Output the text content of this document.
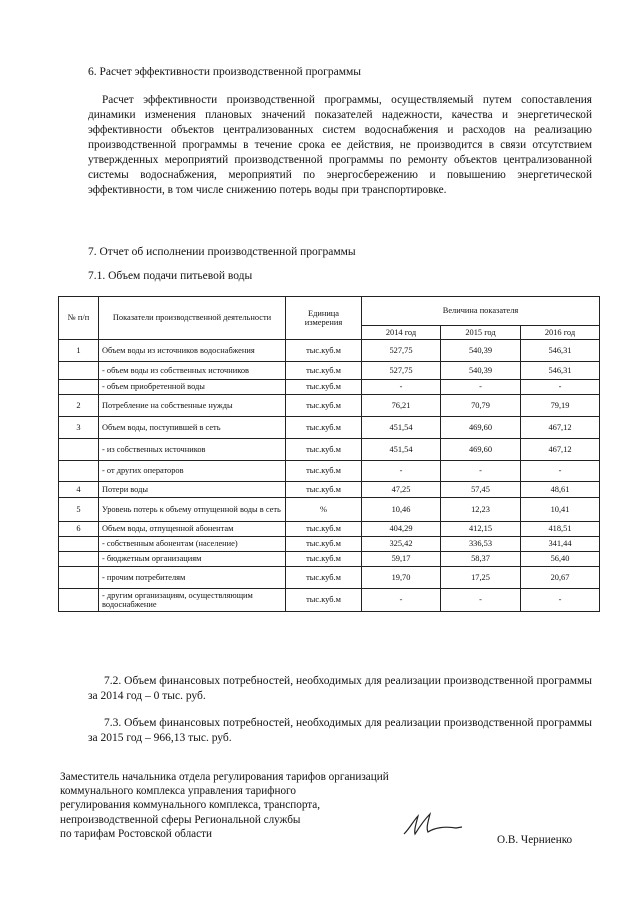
6. Расчет эффективности производственной программы
Расчет эффективности производственной программы, осуществляемый путем сопоставления динамики изменения плановых значений показателей надежности, качества и энергетической эффективности объектов централизованных систем водоснабжения и расходов на реализацию производственной программы в течение срока ее действия, не производится в связи отсутствием утвержденных мероприятий производственной программы по ремонту объектов централизованной системы водоснабжения, мероприятий по энергосбережению и повышению энергетической эффективности, в том числе снижению потерь воды при транспортировке.
7. Отчет об исполнении производственной программы
7.1. Объем подачи питьевой воды
№ п/п	Показатели производственной деятельности	Единица измерения	Величина показателя		
			2014 год	2015 год	2016 год
1	Объем воды из источников водоснабжения	тыс.куб.м	527,75	540,39	546,31
	- объем воды из собственных источников	тыс.куб.м	527,75	540,39	546,31
	- объем приобретенной воды	тыс.куб.м	-	-	-
2	Потребление на собственные нужды	тыс.куб.м	76,21	70,79	79,19
3	Объем воды, поступившей в сеть	тыс.куб.м	451,54	469,60	467,12
	- из собственных источников	тыс.куб.м	451,54	469,60	467,12
	- от других операторов	тыс.куб.м	-	-	-
4	Потери воды	тыс.куб.м	47,25	57,45	48,61
5	Уровень потерь к объему отпущенной воды в сеть	%	10,46	12,23	10,41
6	Объем воды, отпущенной абонентам	тыс.куб.м	404,29	412,15	418,51
	- собственным абонентам (население)	тыс.куб.м	325,42	336,53	341,44
	- бюджетным организациям	тыс.куб.м	59,17	58,37	56,40
	- прочим потребителям	тыс.куб.м	19,70	17,25	20,67
	- другим организациям, осуществляющим водоснабжение	тыс.куб.м	-	-	-
7.2. Объем финансовых потребностей, необходимых для реализации производственной программы за 2014 год – 0 тыс. руб.
7.3. Объем финансовых потребностей, необходимых для реализации производственной программы за 2015 год – 966,13 тыс. руб.
Заместитель начальника отдела регулирования тарифов организаций
коммунального комплекса управления тарифного
регулирования коммунального комплекса, транспорта,
непроизводственной сферы Региональной службы
по тарифам Ростовской области
О.В. Черниенко
